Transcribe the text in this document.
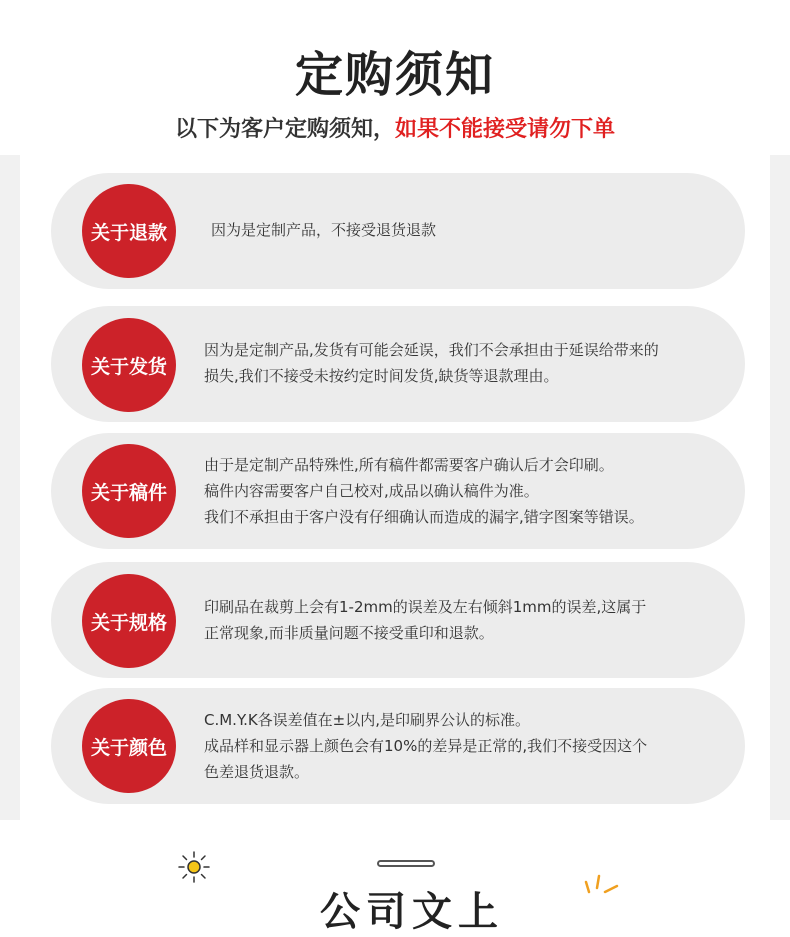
定购须知
以下为客户定购须知，如果不能接受请勿下单
关于退款	因为是定制产品，不接受退货退款
关于发货
因为是定制产品,发货有可能会延误，我们不会承担由于延误给带来的
损失,我们不接受未按约定时间发货,缺货等退款理由。
关于稿件
由于是定制产品特殊性,所有稿件都需要客户确认后才会印刷。
稿件内容需要客户自己校对,成品以确认稿件为准。
我们不承担由于客户没有仔细确认而造成的漏字,错字图案等错误。
关于规格
印刷品在裁剪上会有1-2mm的误差及左右倾斜1mm的误差,这属于
正常现象,而非质量问题不接受重印和退款。
关于颜色
C.M.Y.K各误差值在±以内,是印刷界公认的标准。
成品样和显示器上颜色会有10%的差异是正常的,我们不接受因这个
色差退货退款。
公司文上
